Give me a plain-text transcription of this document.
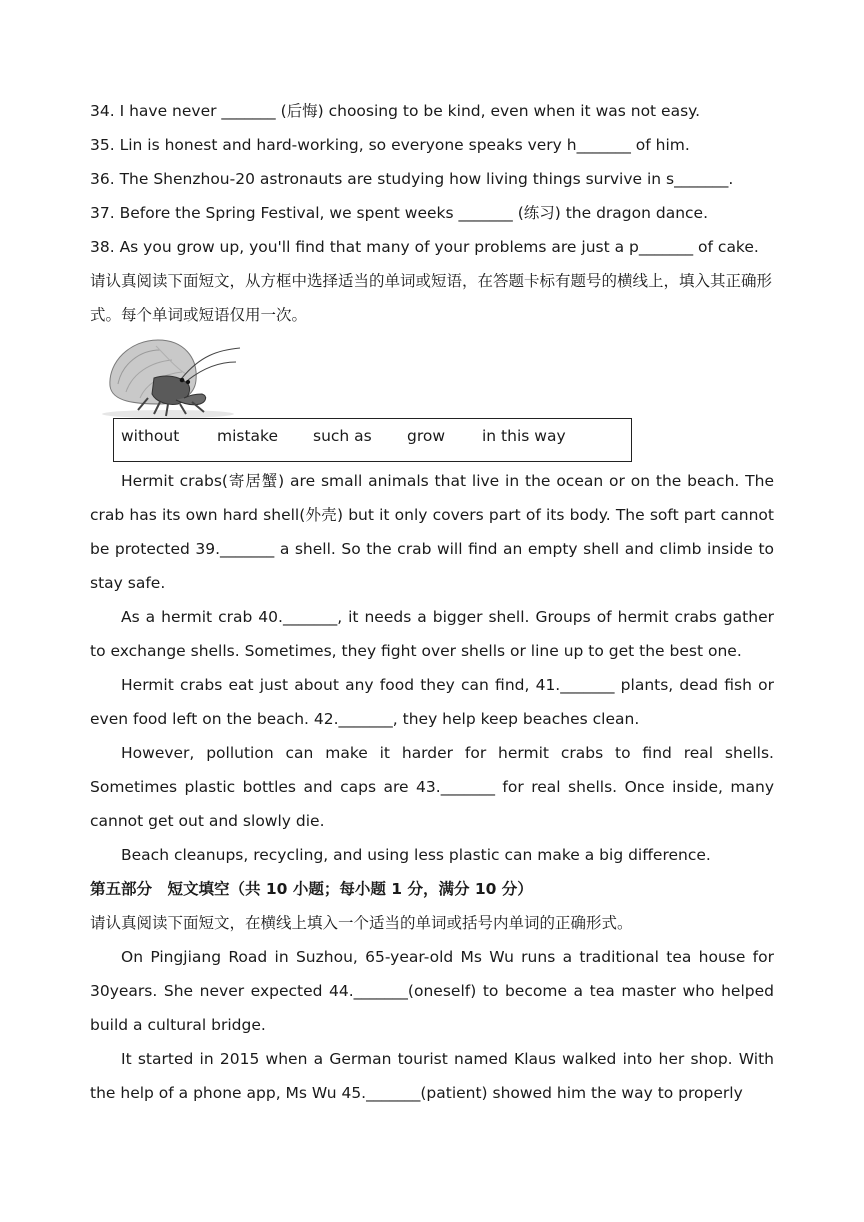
34. I have never _______ (后悔) choosing to be kind, even when it was not easy.
35. Lin is honest and hard-working, so everyone speaks very h_______ of him.
36. The Shenzhou-20 astronauts are studying how living things survive in s_______.
37. Before the Spring Festival, we spent weeks _______ (练习) the dragon dance.
38. As you grow up, you'll find that many of your problems are just a p_______ of cake.

请认真阅读下面短文，从方框中选择适当的单词或短语，在答题卡标有题号的横线上，填入其正确形式。每个单词或短语仅用一次。

without mistake such as grow in this way

Hermit crabs(寄居蟹) are small animals that live in the ocean or on the beach. The crab has its own hard shell(外壳) but it only covers part of its body. The soft part cannot be protected 39._______ a shell. So the crab will find an empty shell and climb inside to stay safe.

As a hermit crab 40._______, it needs a bigger shell. Groups of hermit crabs gather to exchange shells. Sometimes, they fight over shells or line up to get the best one.

Hermit crabs eat just about any food they can find, 41._______ plants, dead fish or even food left on the beach. 42._______, they help keep beaches clean.

However, pollution can make it harder for hermit crabs to find real shells. Sometimes plastic bottles and caps are 43._______ for real shells. Once inside, many cannot get out and slowly die.

Beach cleanups, recycling, and using less plastic can make a big difference.

第五部分　短文填空（共 10 小题；每小题 1 分，满分 10 分）

请认真阅读下面短文，在横线上填入一个适当的单词或括号内单词的正确形式。

On Pingjiang Road in Suzhou, 65-year-old Ms Wu runs a traditional tea house for 30years. She never expected 44._______(oneself) to become a tea master who helped build a cultural bridge.

It started in 2015 when a German tourist named Klaus walked into her shop. With the help of a phone app, Ms Wu 45._______(patient) showed him the way to properly
